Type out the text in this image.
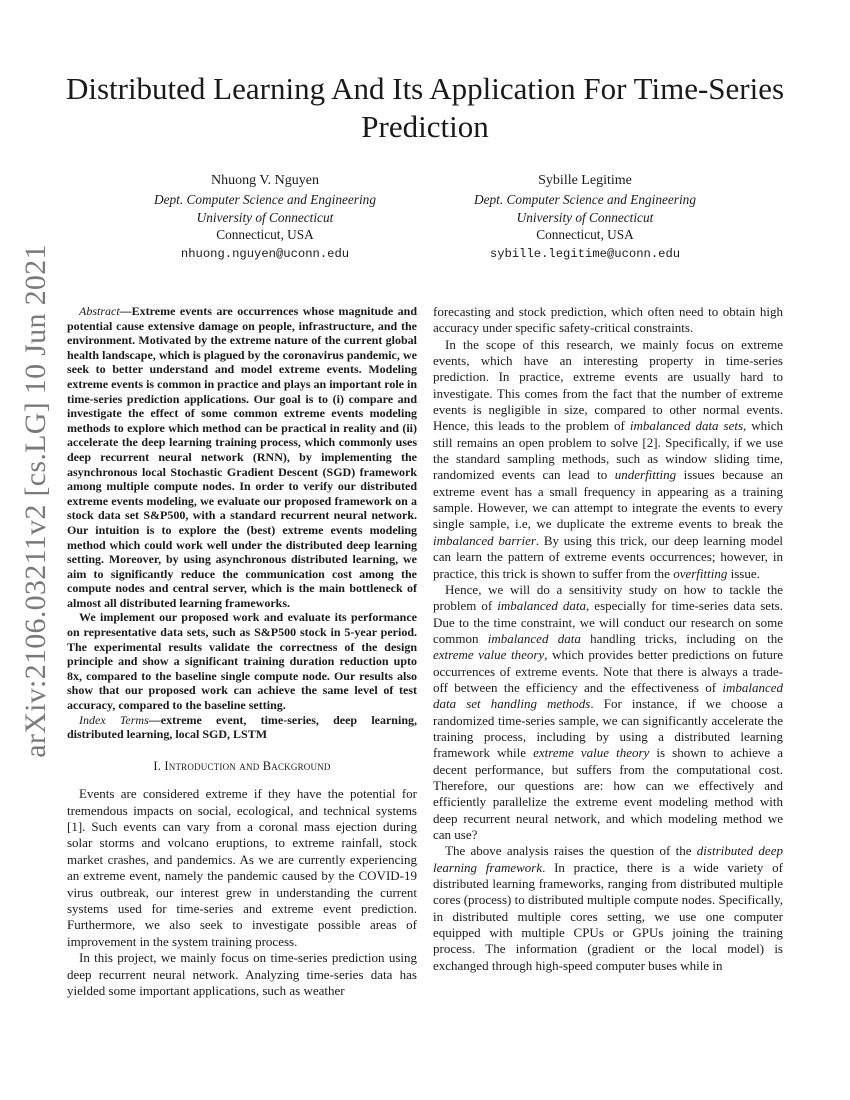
arXiv:2106.03211v2 [cs.LG] 10 Jun 2021
Distributed Learning And Its Application For Time-Series Prediction
Nhuong V. Nguyen
Dept. Computer Science and Engineering
University of Connecticut
Connecticut, USA
nhuong.nguyen@uconn.edu
Sybille Legitime
Dept. Computer Science and Engineering
University of Connecticut
Connecticut, USA
sybille.legitime@uconn.edu

Abstract—Extreme events are occurrences whose magnitude and potential cause extensive damage on people, infrastructure, and the environment. Motivated by the extreme nature of the current global health landscape, which is plagued by the coronavirus pandemic, we seek to better understand and model extreme events. Modeling extreme events is common in practice and plays an important role in time-series prediction applications. Our goal is to (i) compare and investigate the effect of some common extreme events modeling methods to explore which method can be practical in reality and (ii) accelerate the deep learning training process, which commonly uses deep recurrent neural network (RNN), by implementing the asynchronous local Stochastic Gradient Descent (SGD) framework among multiple compute nodes. In order to verify our distributed extreme events modeling, we evaluate our proposed framework on a stock data set S&P500, with a standard recurrent neural network. Our intuition is to explore the (best) extreme events modeling method which could work well under the distributed deep learning setting. Moreover, by using asynchronous distributed learning, we aim to significantly reduce the communication cost among the compute nodes and central server, which is the main bottleneck of almost all distributed learning frameworks.

We implement our proposed work and evaluate its performance on representative data sets, such as S&P500 stock in 5-year period. The experimental results validate the correctness of the design principle and show a significant training duration reduction upto 8x, compared to the baseline single compute node. Our results also show that our proposed work can achieve the same level of test accuracy, compared to the baseline setting.

Index Terms—extreme event, time-series, deep learning, distributed learning, local SGD, LSTM

I. Introduction and Background

Events are considered extreme if they have the potential for tremendous impacts on social, ecological, and technical systems [1]. Such events can vary from a coronal mass ejection during solar storms and volcano eruptions, to extreme rainfall, stock market crashes, and pandemics. As we are currently experiencing an extreme event, namely the pandemic caused by the COVID-19 virus outbreak, our interest grew in understanding the current systems used for time-series and extreme event prediction. Furthermore, we also seek to investigate possible areas of improvement in the system training process.

In this project, we mainly focus on time-series prediction using deep recurrent neural network. Analyzing time-series data has yielded some important applications, such as weather

forecasting and stock prediction, which often need to obtain high accuracy under specific safety-critical constraints.

In the scope of this research, we mainly focus on extreme events, which have an interesting property in time-series prediction. In practice, extreme events are usually hard to investigate. This comes from the fact that the number of extreme events is negligible in size, compared to other normal events. Hence, this leads to the problem of imbalanced data sets, which still remains an open problem to solve [2]. Specifically, if we use the standard sampling methods, such as window sliding time, randomized events can lead to underfitting issues because an extreme event has a small frequency in appearing as a training sample. However, we can attempt to integrate the events to every single sample, i.e, we duplicate the extreme events to break the imbalanced barrier. By using this trick, our deep learning model can learn the pattern of extreme events occurrences; however, in practice, this trick is shown to suffer from the overfitting issue.

Hence, we will do a sensitivity study on how to tackle the problem of imbalanced data, especially for time-series data sets. Due to the time constraint, we will conduct our research on some common imbalanced data handling tricks, including on the extreme value theory, which provides better predictions on future occurrences of extreme events. Note that there is always a trade-off between the efficiency and the effectiveness of imbalanced data set handling methods. For instance, if we choose a randomized time-series sample, we can significantly accelerate the training process, including by using a distributed learning framework while extreme value theory is shown to achieve a decent performance, but suffers from the computational cost. Therefore, our questions are: how can we effectively and efficiently parallelize the extreme event modeling method with deep recurrent neural network, and which modeling method we can use?

The above analysis raises the question of the distributed deep learning framework. In practice, there is a wide variety of distributed learning frameworks, ranging from distributed multiple cores (process) to distributed multiple compute nodes. Specifically, in distributed multiple cores setting, we use one computer equipped with multiple CPUs or GPUs joining the training process. The information (gradient or the local model) is exchanged through high-speed computer buses while in
